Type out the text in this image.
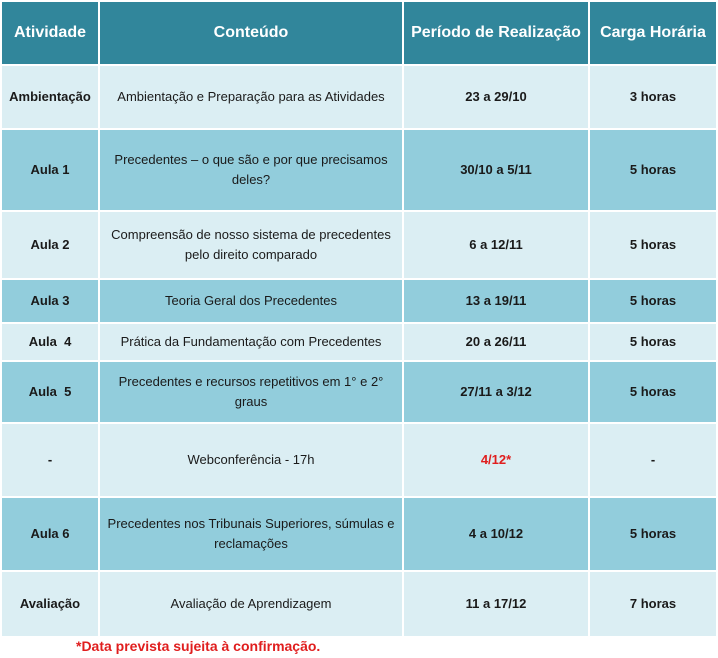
Atividade	Conteúdo	Período de Realização	Carga Horária
Ambientação	Ambientação e Preparação para as Atividades	23 a 29/10	3 horas
Aula 1	Precedentes – o que são e por que precisamos deles?	30/10 a 5/11	5 horas
Aula 2	Compreensão de nosso sistema de precedentes pelo direito comparado	6 a 12/11	5 horas
Aula 3	Teoria Geral dos Precedentes	13 a 19/11	5 horas
Aula  4	Prática da Fundamentação com Precedentes	20 a 26/11	5 horas
Aula  5	Precedentes e recursos repetitivos em 1° e 2° graus	27/11 a 3/12	5 horas
-	Webconferência - 17h	4/12*	-
Aula 6	Precedentes nos Tribunais Superiores, súmulas e reclamações	4 a 10/12	5 horas
Avaliação	Avaliação de Aprendizagem	11 a 17/12	7 horas
*Data prevista sujeita à confirmação.
